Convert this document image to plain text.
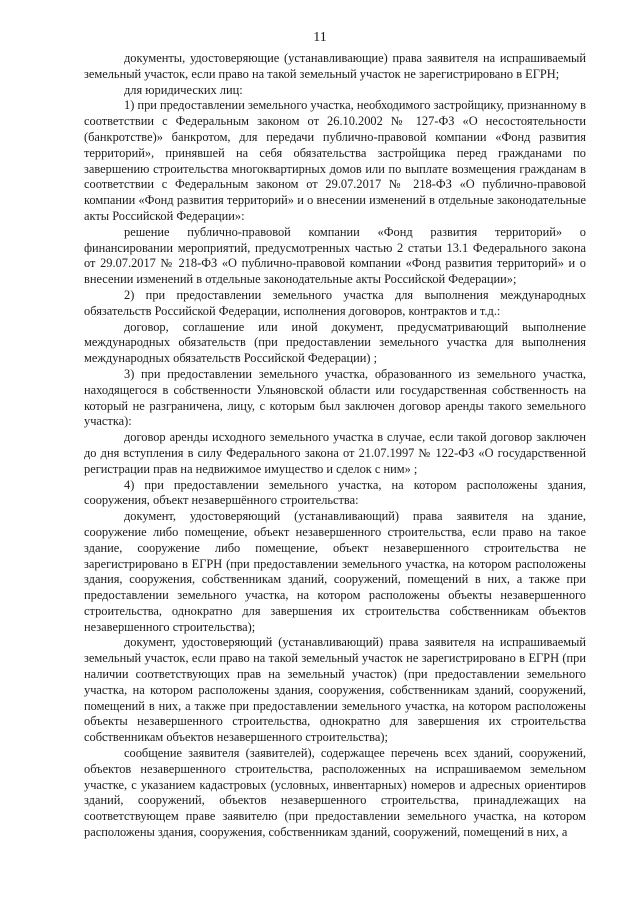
11

документы, удостоверяющие (устанавливающие) права заявителя на испрашиваемый земельный участок, если право на такой земельный участок не зарегистрировано в ЕГРН;

для юридических лиц:

1) при предоставлении земельного участка, необходимого застройщику, признанному в соответствии с Федеральным законом от 26.10.2002 № 127-ФЗ «О несостоятельности (банкротстве)» банкротом, для передачи публично-правовой компании «Фонд развития территорий», принявшей на себя обязательства застройщика перед гражданами по завершению строительства многоквартирных домов или по выплате возмещения гражданам в соответствии с Федеральным законом от 29.07.2017 № 218-ФЗ «О публично-правовой компании «Фонд развития территорий» и о внесении изменений в отдельные законодательные акты Российской Федерации»:

решение публично-правовой компании «Фонд развития территорий» о финансировании мероприятий, предусмотренных частью 2 статьи 13.1 Федерального закона от 29.07.2017 № 218-ФЗ «О публично-правовой компании «Фонд развития территорий» и о внесении изменений в отдельные законодательные акты Российской Федерации»;

2) при предоставлении земельного участка для выполнения международных обязательств Российской Федерации, исполнения договоров, контрактов и т.д.:

договор, соглашение или иной документ, предусматривающий выполнение международных обязательств (при предоставлении земельного участка для выполнения международных обязательств Российской Федерации) ;

3) при предоставлении земельного участка, образованного из земельного участка, находящегося в собственности Ульяновской области или государственная собственность на который не разграничена, лицу, с которым был заключен договор аренды такого земельного участка):

договор аренды исходного земельного участка в случае, если такой договор заключен до дня вступления в силу Федерального закона от 21.07.1997 № 122-ФЗ «О государственной регистрации прав на недвижимое имущество и сделок с ним» ;

4) при предоставлении земельного участка, на котором расположены здания, сооружения, объект незавершённого строительства:

документ, удостоверяющий (устанавливающий) права заявителя на здание, сооружение либо помещение, объект незавершенного строительства, если право на такое здание, сооружение либо помещение, объект незавершенного строительства не зарегистрировано в ЕГРН (при предоставлении земельного участка, на котором расположены здания, сооружения, собственникам зданий, сооружений, помещений в них, а также при предоставлении земельного участка, на котором расположены объекты незавершенного строительства, однократно для завершения их строительства собственникам объектов незавершенного строительства);

документ, удостоверяющий (устанавливающий) права заявителя на испрашиваемый земельный участок, если право на такой земельный участок не зарегистрировано в ЕГРН (при наличии соответствующих прав на земельный участок) (при предоставлении земельного участка, на котором расположены здания, сооружения, собственникам зданий, сооружений, помещений в них, а также при предоставлении земельного участка, на котором расположены объекты незавершенного строительства, однократно для завершения их строительства собственникам объектов незавершенного строительства);

сообщение заявителя (заявителей), содержащее перечень всех зданий, сооружений, объектов незавершенного строительства, расположенных на испрашиваемом земельном участке, с указанием кадастровых (условных, инвентарных) номеров и адресных ориентиров зданий, сооружений, объектов незавершенного строительства, принадлежащих на соответствующем праве заявителю (при предоставлении земельного участка, на котором расположены здания, сооружения, собственникам зданий, сооружений, помещений в них, а
